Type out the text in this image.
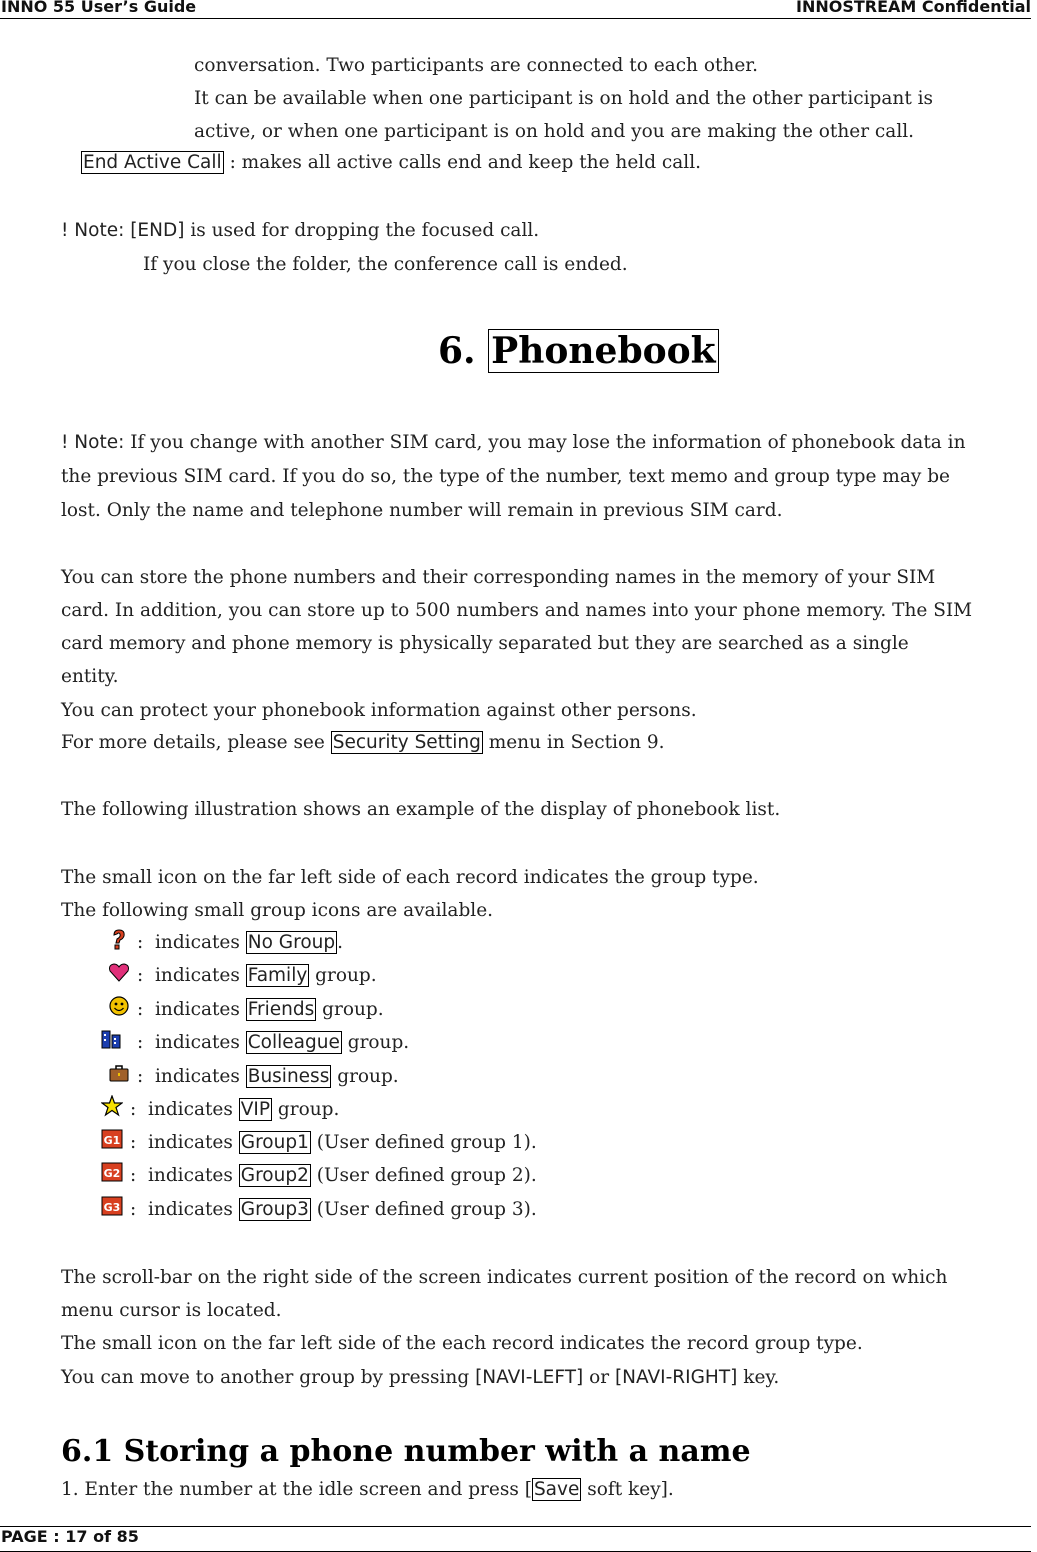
INNO 55 User’s Guide	INNOSTREAM Confidential
conversation. Two participants are connected to each other.
It can be available when one participant is on hold and the other participant is
active, or when one participant is on hold and you are making the other call.
End Active Call : makes all active calls end and keep the held call.
! Note: [END] is used for dropping the focused call.
If you close the folder, the conference call is ended.
6. Phonebook
! Note: If you change with another SIM card, you may lose the information of phonebook data in
the previous SIM card. If you do so, the type of the number, text memo and group type may be
lost. Only the name and telephone number will remain in previous SIM card.
You can store the phone numbers and their corresponding names in the memory of your SIM
card. In addition, you can store up to 500 numbers and names into your phone memory. The SIM
card memory and phone memory is physically separated but they are searched as a single
entity.
You can protect your phonebook information against other persons.
For more details, please see Security Setting menu in Section 9.
The following illustration shows an example of the display of phonebook list.
The small icon on the far left side of each record indicates the group type.
The following small group icons are available.
: indicates No Group .
: indicates Family group.
: indicates Friends group.
: indicates Colleague group.
: indicates Business group.
: indicates VIP group.
G1 : indicates Group1 (User defined group 1).
G2 : indicates Group2 (User defined group 2).
G3 : indicates Group3 (User defined group 3).
The scroll-bar on the right side of the screen indicates current position of the record on which
menu cursor is located.
The small icon on the far left side of the each record indicates the record group type.
You can move to another group by pressing [NAVI-LEFT] or [NAVI-RIGHT] key.
6.1 Storing a phone number with a name
1. Enter the number at the idle screen and press [ Save soft key].
PAGE : 17 of 85
